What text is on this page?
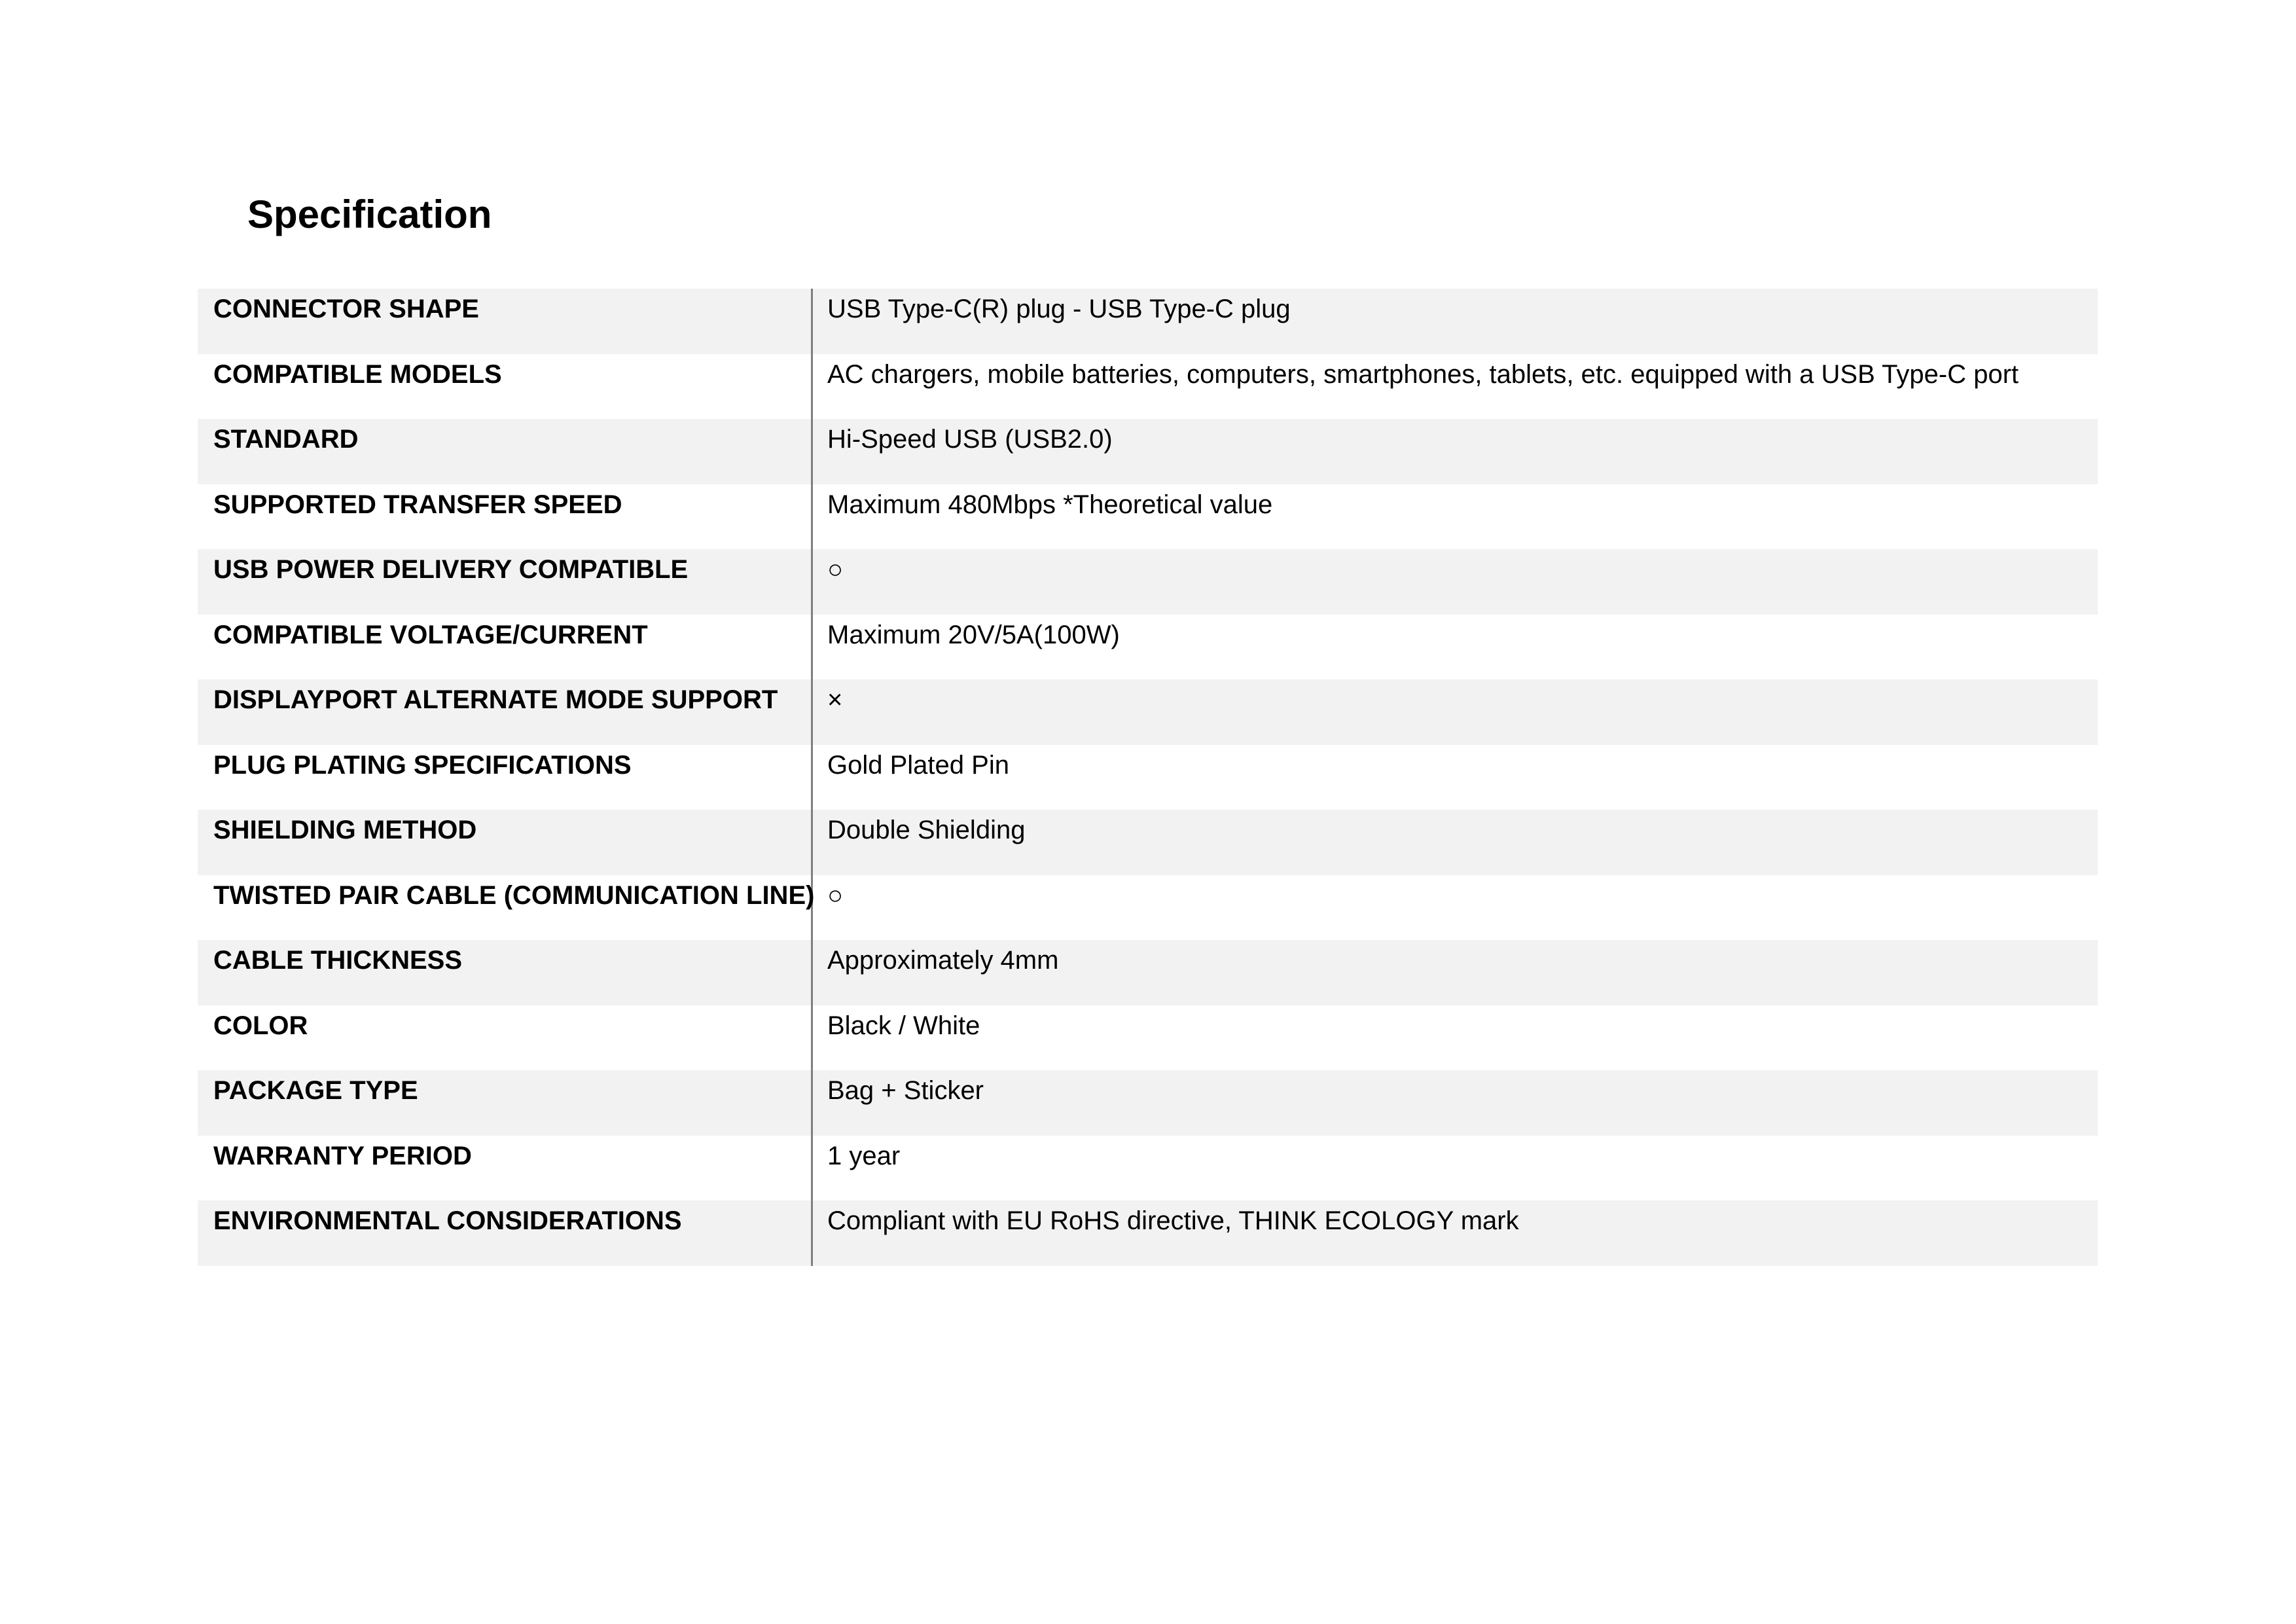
Specification
CONNECTOR SHAPE	USB Type-C(R) plug - USB Type-C plug
COMPATIBLE MODELS	AC chargers, mobile batteries, computers, smartphones, tablets, etc. equipped with a USB Type-C port
STANDARD	Hi-Speed USB (USB2.0)
SUPPORTED TRANSFER SPEED	Maximum 480Mbps *Theoretical value
USB POWER DELIVERY COMPATIBLE	○
COMPATIBLE VOLTAGE/CURRENT	Maximum 20V/5A(100W)
DISPLAYPORT ALTERNATE MODE SUPPORT	×
PLUG PLATING SPECIFICATIONS	Gold Plated Pin
SHIELDING METHOD	Double Shielding
TWISTED PAIR CABLE (COMMUNICATION LINE) ○
CABLE THICKNESS	Approximately 4mm
COLOR	Black / White
PACKAGE TYPE	Bag + Sticker
WARRANTY PERIOD	1 year
ENVIRONMENTAL CONSIDERATIONS	Compliant with EU RoHS directive, THINK ECOLOGY mark
